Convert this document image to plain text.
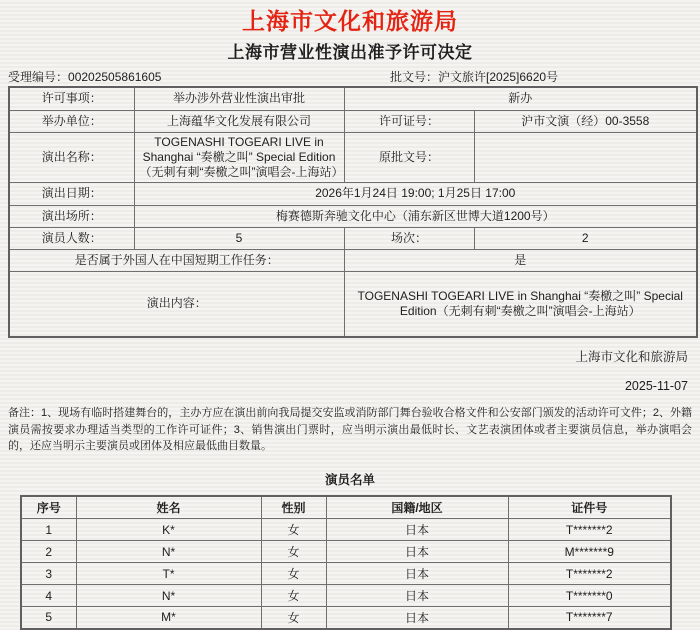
上海市文化和旅游局
上海市营业性演出准予许可决定
受理编号：00202505861605	批文号：沪文旅许[2025]6620号
许可事项：	举办涉外营业性演出审批	新办	
举办单位：	上海蕴华文化发展有限公司	许可证号：	沪市文演（经）00-3558
演出名称：	TOGENASHI TOGEARI LIVE in Shanghai “奏檄之叫” Special Edition（无刺有刺“奏檄之叫”演唱会-上海站）	原批文号：	
演出日期：	2026年1月24日 19:00; 1月25日 17:00		
演出场所：	梅赛德斯奔驰文化中心（浦东新区世博大道1200号）		
演员人数：	5	场次：	2
是否属于外国人在中国短期工作任务：		是	
演出内容：		TOGENASHI TOGEARI LIVE in Shanghai “奏檄之叫” Special Edition（无刺有刺“奏檄之叫”演唱会-上海站）	
上海市文化和旅游局
2025-11-07
备注：1、现场有临时搭建舞台的，主办方应在演出前向我局提交安监或消防部门舞台验收合格文件和公安部门颁发的活动许可文件；2、外籍演员需按要求办理适当类型的工作许可证件；3、销售演出门票时，应当明示演出最低时长、文艺表演团体或者主要演员信息，举办演唱会的，还应当明示主要演员或团体及相应最低曲目数量。
演员名单
序号	姓名	性别	国籍/地区	证件号
1	K*	女	日本	T*******2
2	N*	女	日本	M*******9
3	T*	女	日本	T*******2
4	N*	女	日本	T*******0
5	M*	女	日本	T*******7
